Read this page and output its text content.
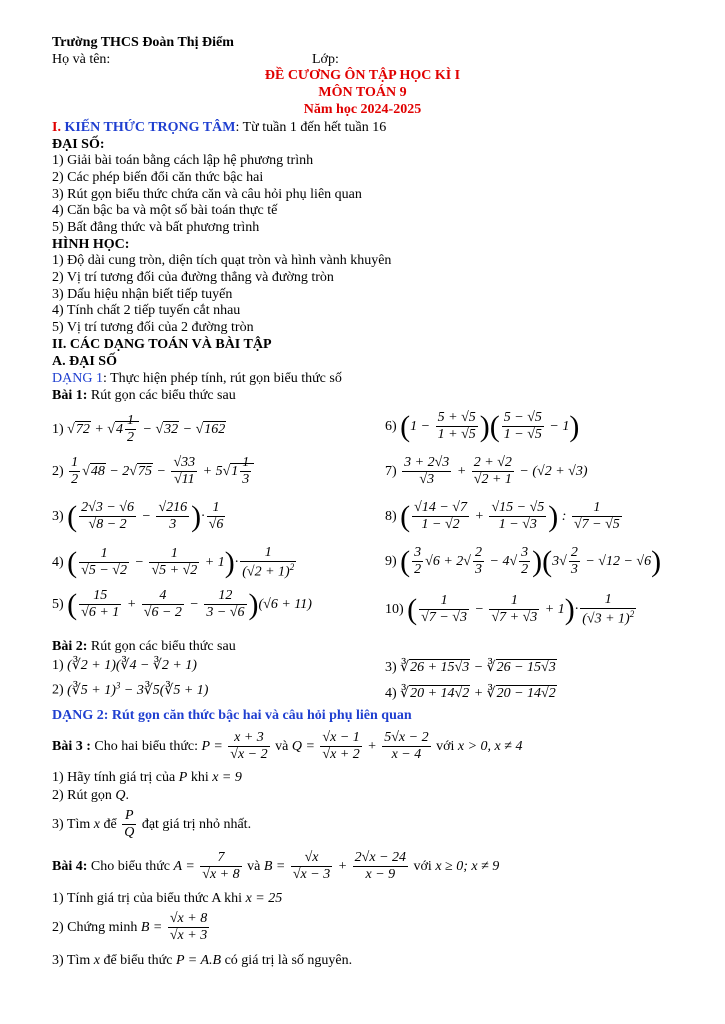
Trường THCS Đoàn Thị Điểm
Họ và tên:	Lớp:
ĐỀ CƯƠNG ÔN TẬP HỌC KÌ I
MÔN TOÁN 9
Năm học 2024-2025
I. KIẾN THỨC TRỌNG TÂM: Từ tuần 1 đến hết tuần 16
ĐẠI SỐ:
1) Giải bài toán bằng cách lập hệ phương trình
2) Các phép biến đổi căn thức bậc hai
3) Rút gọn biểu thức chứa căn và câu hỏi phụ liên quan
4) Căn bậc ba và một số bài toán thực tế
5) Bất đẳng thức và bất phương trình
HÌNH HỌC:
1) Độ dài cung tròn, diện tích quạt tròn và hình vành khuyên
2) Vị trí tương đối của đường thẳng và đường tròn
3) Dấu hiệu nhận biết tiếp tuyến
4) Tính chất 2 tiếp tuyến cắt nhau
5) Vị trí tương đối của 2 đường tròn
II. CÁC DẠNG TOÁN VÀ BÀI TẬP
A. ĐẠI SỐ
DẠNG 1: Thực hiện phép tính, rút gọn biểu thức số
Bài 1: Rút gọn các biểu thức sau
1) $√72 + √4 \frac{1}{2} - √32 - √162$
$2) \frac{1}{2} √48 - 2√75 - \frac{√33}{√11} + 5√1 \frac{1}{3}$
3) ( $\frac{2√3 - √6}{√8 - 2} - \frac{√216}{3}$ )· $\frac{1}{√6}$
4) ( $\frac{1}{√5 - √2} - \frac{1}{√5 + √2} + 1)\cdot \frac{1}{(√2 + 1)^2}$
5) ( $\frac{15}{√6 + 1} + \frac{4}{√6 - 2} - \frac{12}{3 - √6} )(√6 + 11)$
6) ($1 - \frac{5 + √5}{1 + √5}$ )( $\frac{5 - √5}{1 - √5} - 1$)
$7) \frac{3 + 2√3}{√3} + \frac{2 + √2}{√2 + 1} - (√2 + √3)$
8) ( $\frac{√14 - √7}{1 - √2} + \frac{√15 - √5}{1 - √3}$ ) : $\frac{1}{√7 - √5}$
9) ( $\frac{3}{2} √6 + 2√ \frac{2}{3} - 4√ \frac{3}{2} )(3√ \frac{2}{3} - √12 - √6)$
10) ( $\frac{1}{√7 - √3} - \frac{1}{√7 + √3} + 1)\cdot \frac{1}{(√3 + 1)^2}$
Bài 2: Rút gọn các biểu thức sau
1) (∛2 + 1)(∛4 − ∛2 + 1)
2) (∛5 + 1)$^3$ − 3∛5(∛5 + 1)
3) ∛26 + 15√3 − ∛26 − 15√3
4) ∛20 + 14√2 + ∛20 − 14√2
DẠNG 2: Rút gọn căn thức bậc hai và câu hỏi phụ liên quan
Bài 3 : Cho hai biểu thức: $P = \frac{x + 3}{√x - 2}$ và $Q = \frac{√x - 1}{√x + 2} + \frac{5√x - 2}{x - 4}$ với x > 0, x ≠ 4
1) Hãy tính giá trị của P khi x = 9
2) Rút gọn Q.
3) Tìm x để $\frac{P}{Q}$ đạt giá trị nhỏ nhất.
Bài 4: Cho biểu thức $A = \frac{7}{√x + 8}$ và $B = \frac{√x}{√x - 3} + \frac{2√x - 24}{x - 9}$ với x ≥ 0; x ≠ 9
1) Tính giá trị của biểu thức A khi x = 25
2) Chứng minh $B = \frac{√x + 8}{√x + 3}$
3) Tìm x để biểu thức P = A.B có giá trị là số nguyên.
